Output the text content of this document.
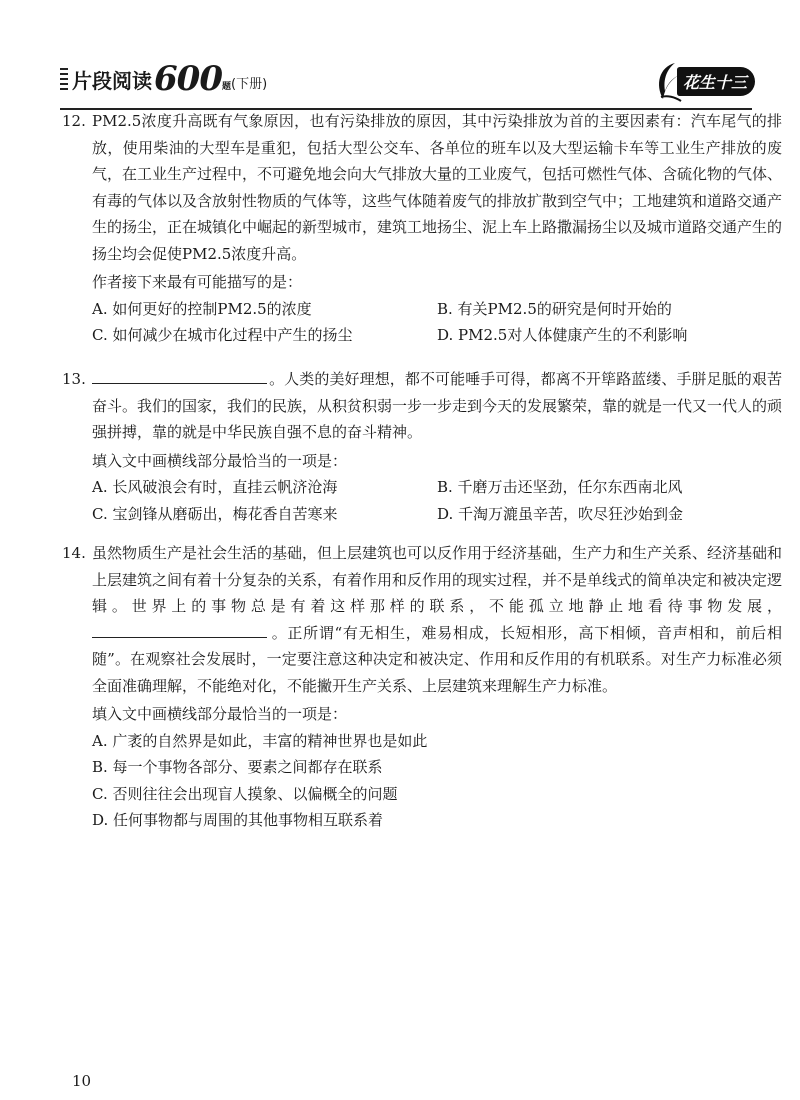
片段阅读 600 题 (下册)	花生十三
12. PM2.5浓度升高既有气象原因，也有污染排放的原因，其中污染排放为首的主要因素有：汽车尾气的排放，使用柴油的大型车是重犯，包括大型公交车、各单位的班车以及大型运输卡车等工业生产排放的废气，在工业生产过程中，不可避免地会向大气排放大量的工业废气，包括可燃性气体、含硫化物的气体、有毒的气体以及含放射性物质的气体等，这些气体随着废气的排放扩散到空气中；工地建筑和道路交通产生的扬尘，正在城镇化中崛起的新型城市，建筑工地扬尘、泥上车上路撒漏扬尘以及城市道路交通产生的扬尘均会促使PM2.5浓度升高。

作者接下来最有可能描写的是：

A. 如何更好的控制PM2.5的浓度	B. 有关PM2.5的研究是何时开始的
C. 如何减少在城市化过程中产生的扬尘	D. PM2.5对人体健康产生的不利影响
13.	。人类的美好理想，都不可能唾手可得，都离不开筚路蓝缕、手胼足胝的艰苦奋斗。我们的国家，我们的民族，从积贫积弱一步一步走到今天的发展繁荣，靠的就是一代又一代人的顽强拼搏，靠的就是中华民族自强不息的奋斗精神。

填入文中画横线部分最恰当的一项是：

A. 长风破浪会有时，直挂云帆济沧海	B. 千磨万击还坚劲，任尔东西南北风
C. 宝剑锋从磨砺出，梅花香自苦寒来	D. 千淘万漉虽辛苦，吹尽狂沙始到金
14. 虽然物质生产是社会生活的基础，但上层建筑也可以反作用于经济基础，生产力和生产关系、经济基础和上层建筑之间有着十分复杂的关系，有着作用和反作用的现实过程，并不是单线式的简单决定和被决定逻辑。世界上的事物总是有着这样那样的联系，不能孤立地静止地看待事物发展，。正所谓“有无相生，难易相成，长短相形，高下相倾，音声相和，前后相随”。在观察社会发展时，一定要注意这种决定和被决定、作用和反作用的有机联系。对生产力标准必须全面准确理解，不能绝对化，不能撇开生产关系、上层建筑来理解生产力标准。

填入文中画横线部分最恰当的一项是：

A. 广袤的自然界是如此，丰富的精神世界也是如此
B. 每一个事物各部分、要素之间都存在联系
C. 否则往往会出现盲人摸象、以偏概全的问题
D. 任何事物都与周围的其他事物相互联系着
10
